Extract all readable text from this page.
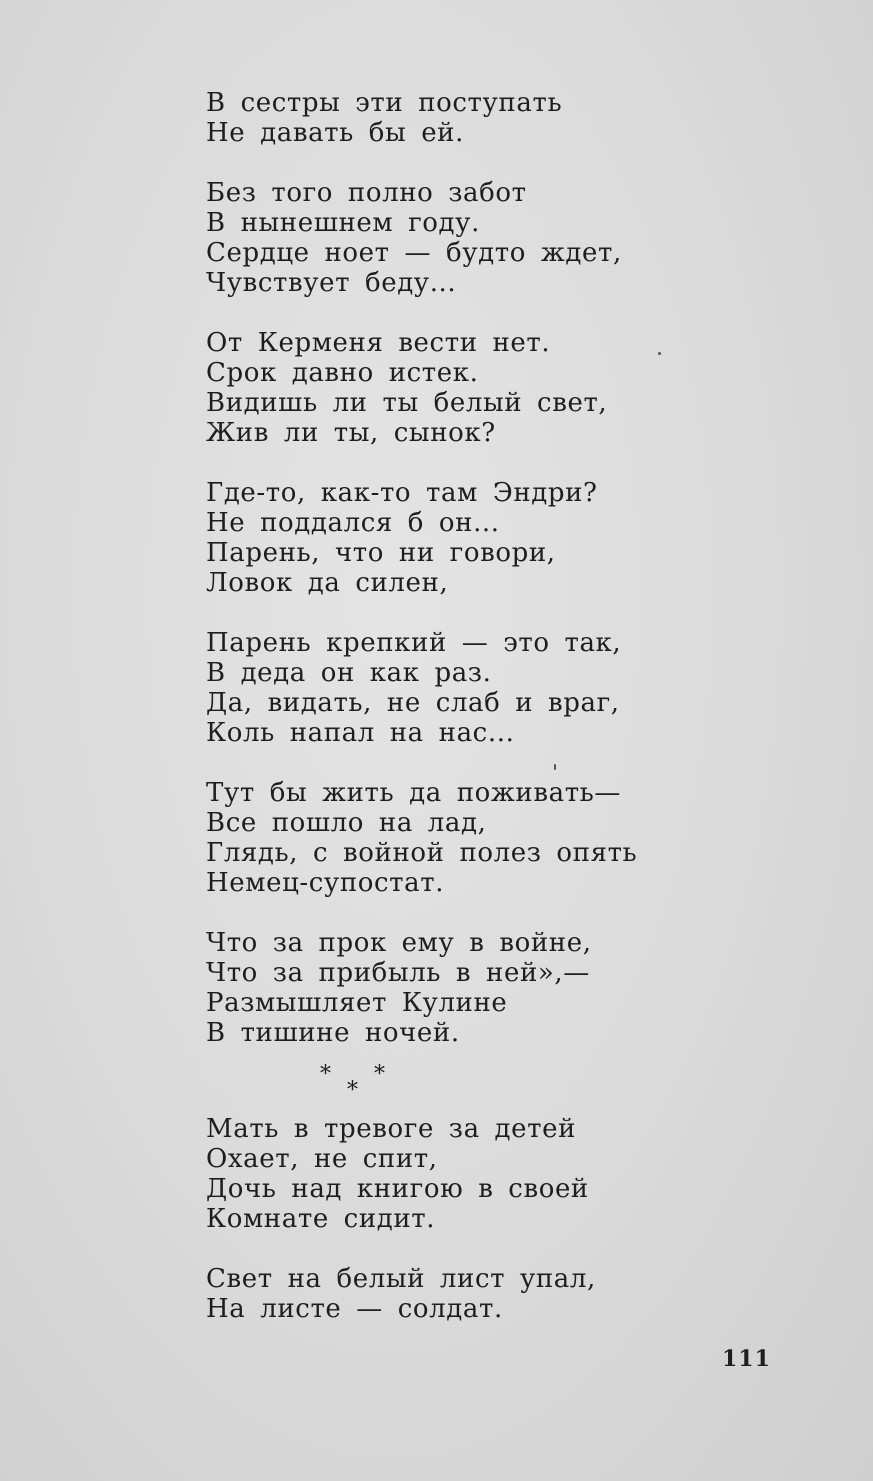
В сестры эти поступать
Не давать бы ей.
Без того полно забот
В нынешнем году.
Сердце ноет — будто ждет,
Чувствует беду...
От Керменя вести нет.
Срок давно истек.
Видишь ли ты белый свет,
Жив ли ты, сынок?
Где-то, как-то там Эндри?
Не поддался б он...
Парень, что ни говори,
Ловок да силен,
Парень крепкий — это так,
В деда он как раз.
Да, видать, не слаб и враг,
Коль напал на нас...
Тут бы жить да поживать—
Все пошло на лад,
Глядь, с войной полез опять
Немец-супостат.
Что за прок ему в войне,
Что за прибыль в ней»,—
Размышляет Кулине
В тишине ночей.
* *
*
Мать в тревоге за детей
Охает, не спит,
Дочь над книгою в своей
Комнате сидит.
Свет на белый лист упал,
На листе — солдат.
111
